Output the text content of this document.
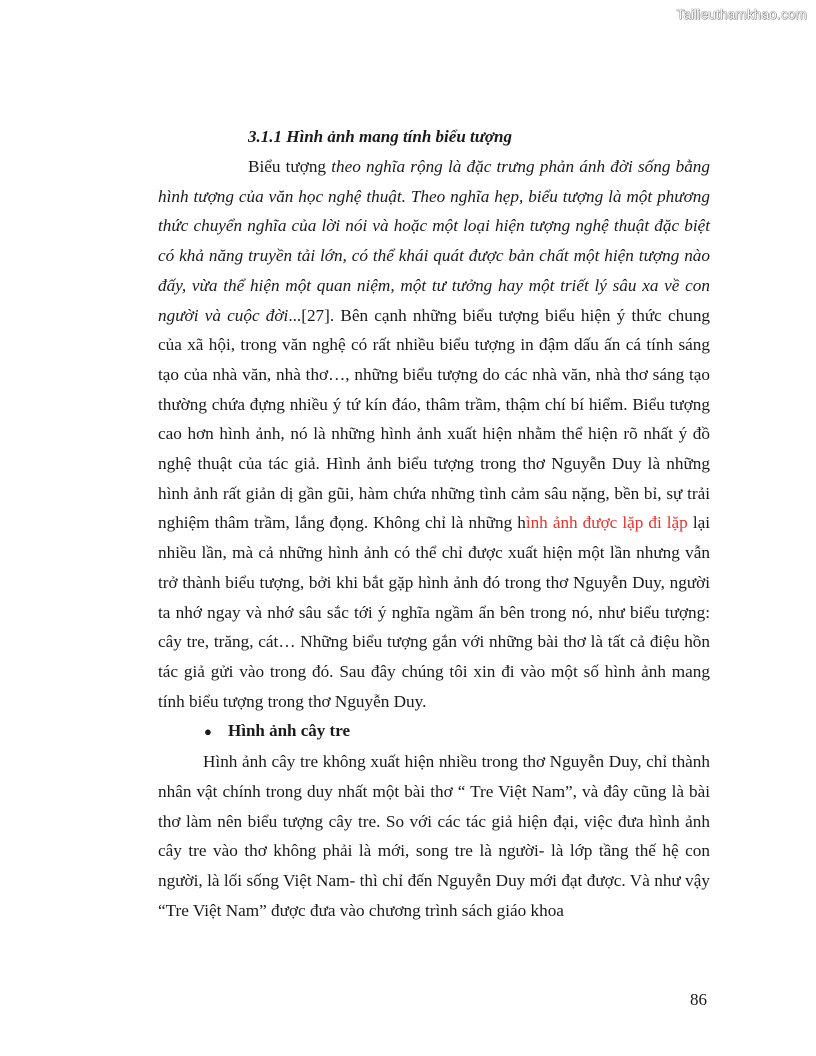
Tailieuthamkhao.com

3.1.1 Hình ảnh mang tính biểu tượng

Biểu tượng theo nghĩa rộng là đặc trưng phản ánh đời sống bằng hình tượng của văn học nghệ thuật. Theo nghĩa hẹp, biểu tượng là một phương thức chuyển nghĩa của lời nói và hoặc một loại hiện tượng nghệ thuật đặc biệt có khả năng truyền tải lớn, có thể khái quát được bản chất một hiện tượng nào đấy, vừa thể hiện một quan niệm, một tư tưởng hay một triết lý sâu xa về con người và cuộc đời...[27]. Bên cạnh những biểu tượng biểu hiện ý thức chung của xã hội, trong văn nghệ có rất nhiều biểu tượng in đậm dấu ấn cá tính sáng tạo của nhà văn, nhà thơ…, những biểu tượng do các nhà văn, nhà thơ sáng tạo thường chứa đựng nhiều ý tứ kín đáo, thâm trầm, thậm chí bí hiểm. Biểu tượng cao hơn hình ảnh, nó là những hình ảnh xuất hiện nhằm thể hiện rõ nhất ý đồ nghệ thuật của tác giả. Hình ảnh biểu tượng trong thơ Nguyễn Duy là những hình ảnh rất giản dị gần gũi, hàm chứa những tình cảm sâu nặng, bền bỉ, sự trải nghiệm thâm trầm, lắng đọng. Không chỉ là những hình ảnh được lặp đi lặp lại nhiều lần, mà cả những hình ảnh có thể chỉ được xuất hiện một lần nhưng vẫn trở thành biểu tượng, bởi khi bắt gặp hình ảnh đó trong thơ Nguyễn Duy, người ta nhớ ngay và nhớ sâu sắc tới ý nghĩa ngầm ẩn bên trong nó, như biểu tượng: cây tre, trăng, cát… Những biểu tượng gắn với những bài thơ là tất cả điệu hồn tác giả gửi vào trong đó. Sau đây chúng tôi xin đi vào một số hình ảnh mang tính biểu tượng trong thơ Nguyễn Duy.

● Hình ảnh cây tre

Hình ảnh cây tre không xuất hiện nhiều trong thơ Nguyễn Duy, chỉ thành nhân vật chính trong duy nhất một bài thơ “ Tre Việt Nam”, và đây cũng là bài thơ làm nên biểu tượng cây tre. So với các tác giả hiện đại, việc đưa hình ảnh cây tre vào thơ không phải là mới, song tre là người- là lớp tầng thế hệ con người, là lối sống Việt Nam- thì chỉ đến Nguyễn Duy mới đạt được. Và như vậy “Tre Việt Nam” được đưa vào chương trình sách giáo khoa

86
